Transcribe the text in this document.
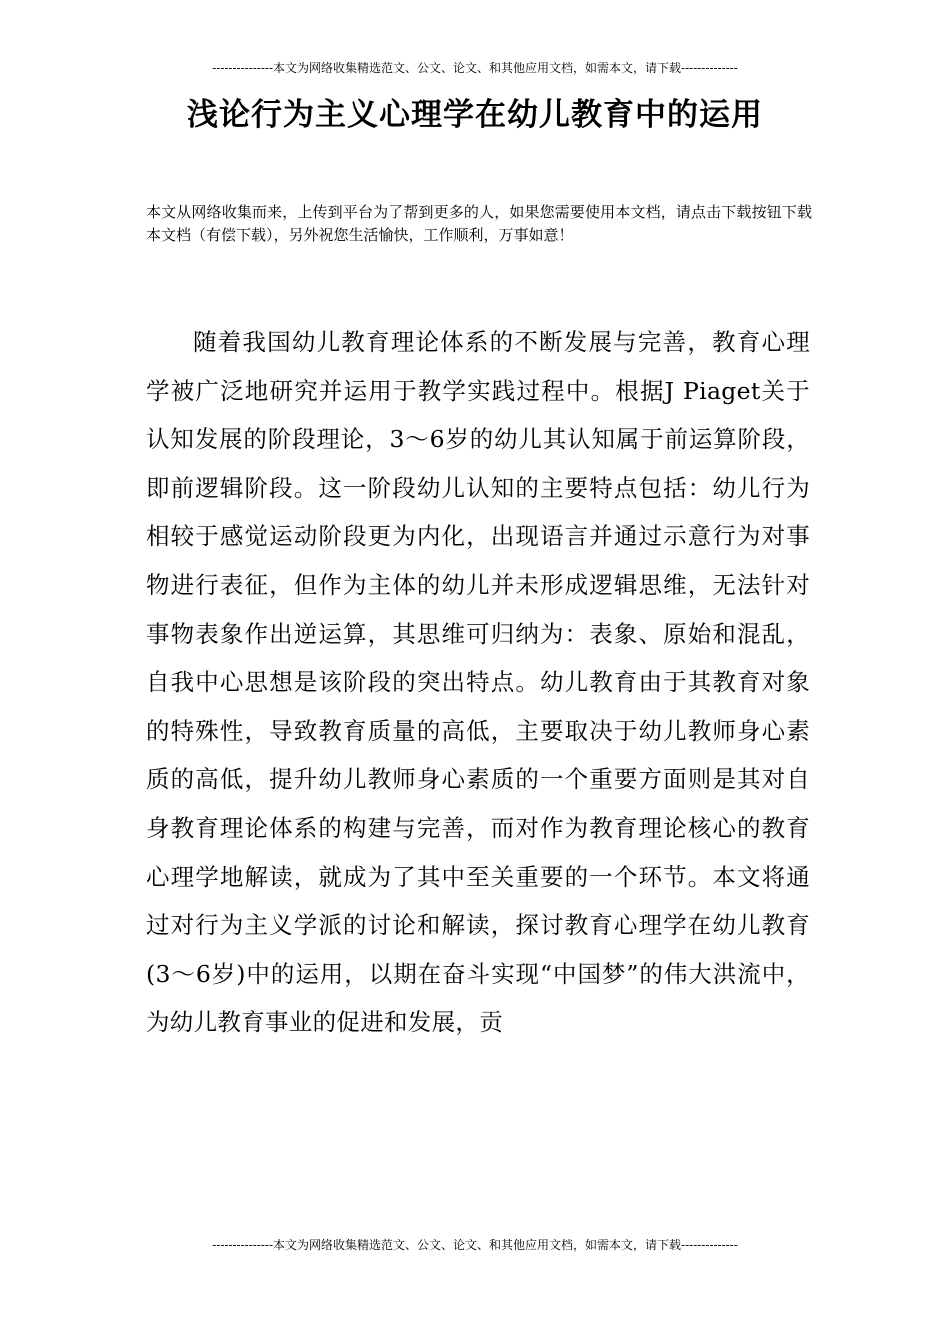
---------------本文为网络收集精选范文、公文、论文、和其他应用文档，如需本文，请下载--------------
浅论行为主义心理学在幼儿教育中的运用
本文从网络收集而来，上传到平台为了帮到更多的人，如果您需要使用本文档，请点击下载按钮下载本文档（有偿下载），另外祝您生活愉快，工作顺利，万事如意！

随着我国幼儿教育理论体系的不断发展与完善，教育心理学被广泛地研究并运用于教学实践过程中。根据J Piaget关于认知发展的阶段理论，3～6岁的幼儿其认知属于前运算阶段，即前逻辑阶段。这一阶段幼儿认知的主要特点包括：幼儿行为相较于感觉运动阶段更为内化，出现语言并通过示意行为对事物进行表征，但作为主体的幼儿并未形成逻辑思维，无法针对事物表象作出逆运算，其思维可归纳为：表象、原始和混乱，自我中心思想是该阶段的突出特点。幼儿教育由于其教育对象的特殊性，导致教育质量的高低，主要取决于幼儿教师身心素质的高低，提升幼儿教师身心素质的一个重要方面则是其对自身教育理论体系的构建与完善，而对作为教育理论核心的教育心理学地解读，就成为了其中至关重要的一个环节。本文将通过对行为主义学派的讨论和解读，探讨教育心理学在幼儿教育(3～6岁)中的运用，以期在奋斗实现“中国梦”的伟大洪流中，为幼儿教育事业的促进和发展，贡

---------------本文为网络收集精选范文、公文、论文、和其他应用文档，如需本文，请下载--------------
